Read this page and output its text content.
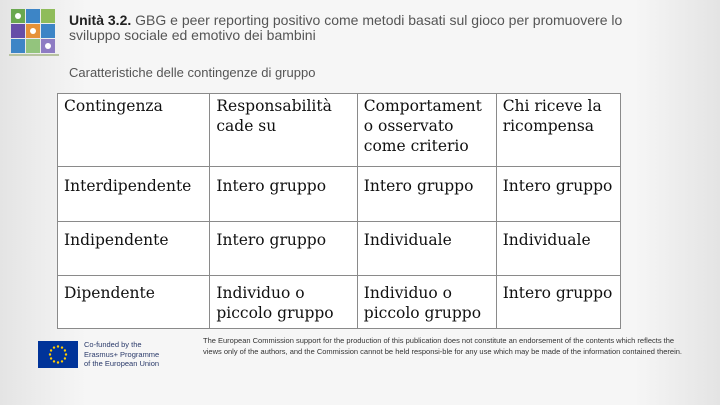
Unità 3.2. GBG e peer reporting positivo come metodi basati sul gioco per promuovere lo sviluppo sociale ed emotivo dei bambini
Caratteristiche delle contingenze di gruppo
Contingenza	Responsabilità cade su	Comportament o osservato come criterio	Chi riceve la ricompensa
Interdipendente	Intero gruppo	Intero gruppo	Intero gruppo
Indipendente	Intero gruppo	Individuale	Individuale
Dipendente	Individuo o piccolo gruppo	Individuo o piccolo gruppo	Intero gruppo
Co-funded by the
Erasmus+ Programme
of the European Union
The European Commission support for the production of this publication does not constitute an endorsement of the contents which reflects the views only of the authors, and the Commission cannot be held responsi-ble for any use which may be made of the information contained therein.
